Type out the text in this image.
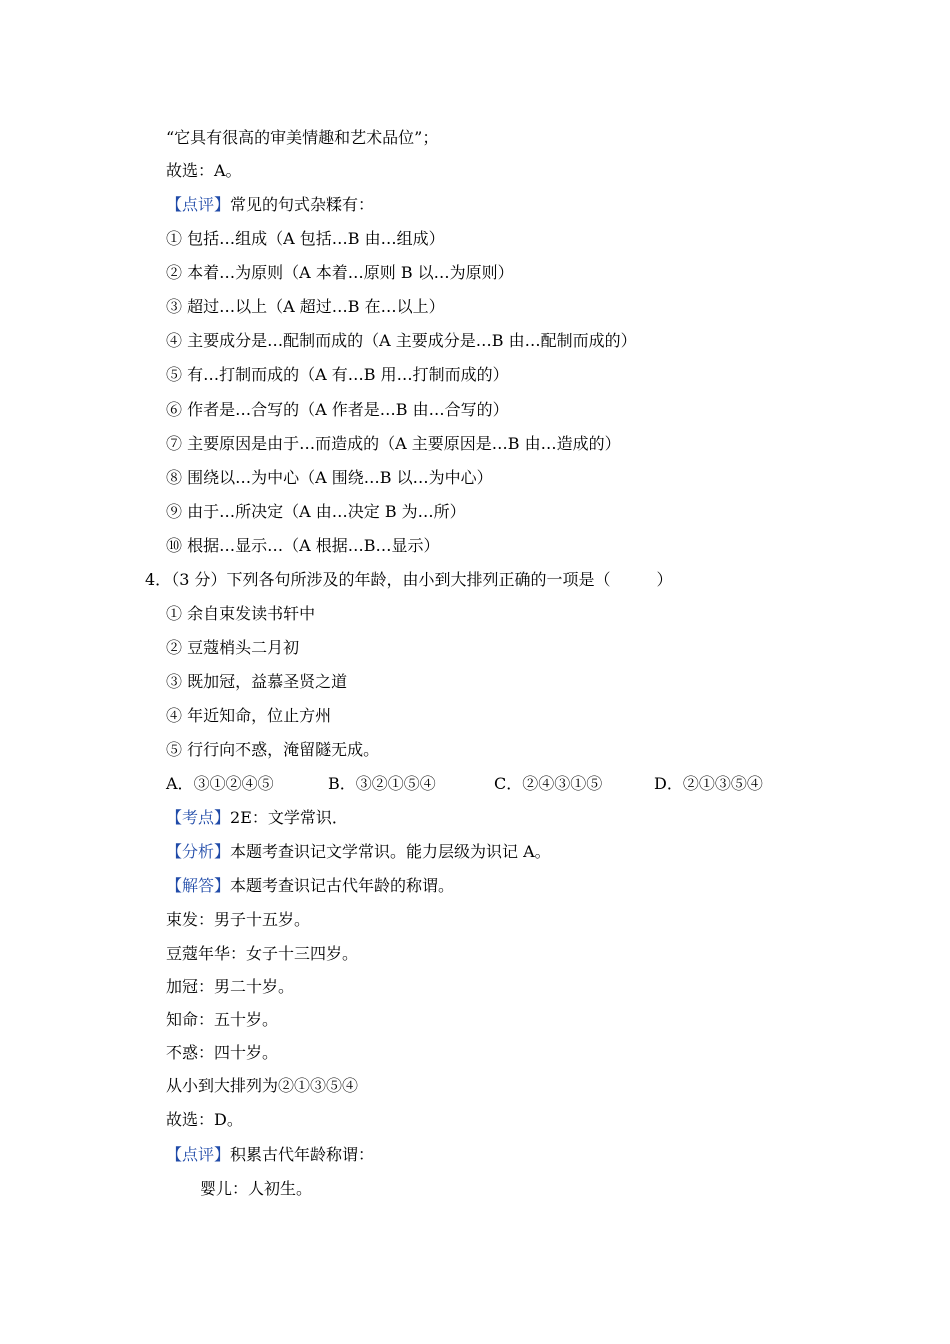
“它具有很高的审美情趣和艺术品位”；
故选：A。
【点评】常见的句式杂糅有：
① 包括…组成（A 包括…B 由…组成）
② 本着…为原则（A 本着…原则 B 以…为原则）
③ 超过…以上（A 超过…B 在…以上）
④ 主要成分是…配制而成的（A 主要成分是…B 由…配制而成的）
⑤ 有…打制而成的（A 有…B 用…打制而成的）
⑥ 作者是…合写的（A 作者是…B 由…合写的）
⑦ 主要原因是由于…而造成的（A 主要原因是…B 由…造成的）
⑧ 围绕以…为中心（A 围绕…B 以…为中心）
⑨ 由于…所决定（A 由…决定 B 为…所）
⑩ 根据…显示…（A 根据…B…显示）
4．（3 分）下列各句所涉及的年龄，由小到大排列正确的一项是（	）
① 余自束发读书轩中
② 豆蔻梢头二月初
③ 既加冠，益慕圣贤之道
④ 年近知命，位止方州
⑤ 行行向不惑，淹留隧无成。
A．③①②④⑤	B．③②①⑤④	C．②④③①⑤	D．②①③⑤④
【考点】2E：文学常识．
【分析】本题考查识记文学常识。能力层级为识记 A。
【解答】本题考查识记古代年龄的称谓。
束发：男子十五岁。
豆蔻年华：女子十三四岁。
加冠：男二十岁。
知命：五十岁。
不惑：四十岁。
从小到大排列为②①③⑤④
故选：D。
【点评】积累古代年龄称谓：
婴儿：人初生。
